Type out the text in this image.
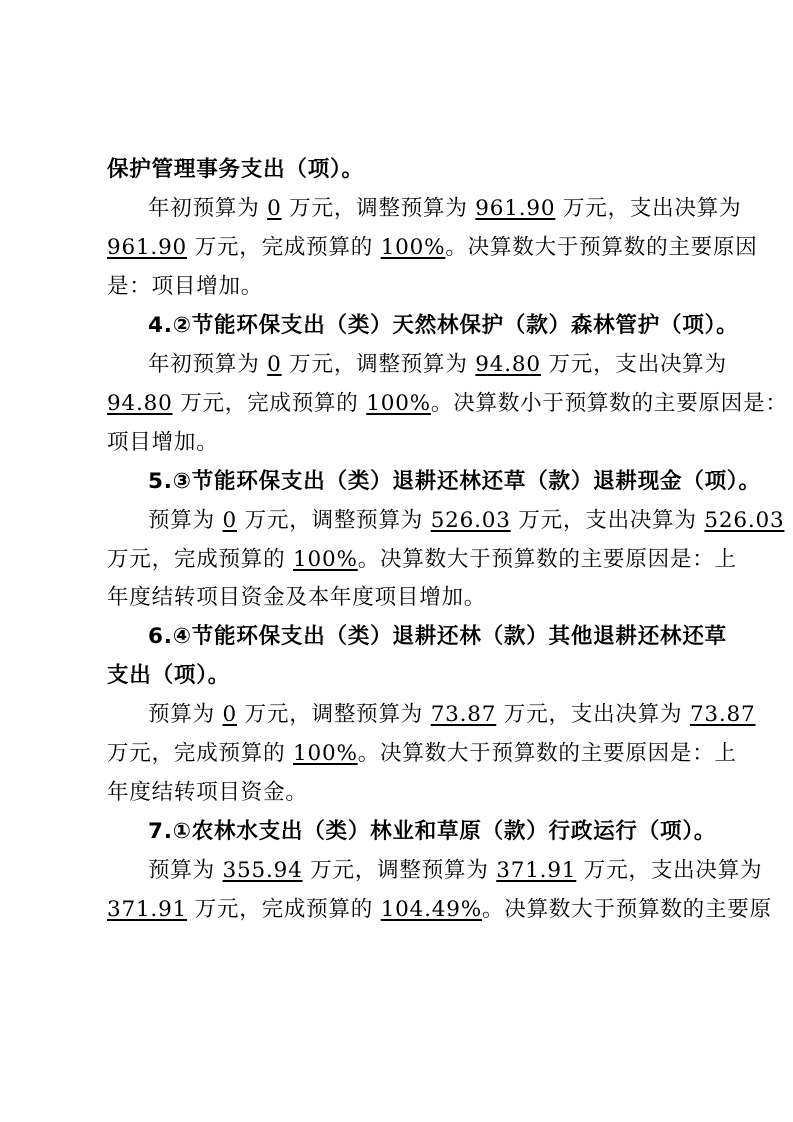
保护管理事务支出（项）。
年初预算为 0 万元，调整预算为 961.90 万元，支出决算为
961.90 万元，完成预算的 100%。决算数大于预算数的主要原因
是：项目增加。
4.②节能环保支出（类）天然林保护（款）森林管护（项）。
年初预算为 0 万元，调整预算为 94.80 万元，支出决算为
94.80 万元，完成预算的 100%。决算数小于预算数的主要原因是：
项目增加。
5.③节能环保支出（类）退耕还林还草（款）退耕现金（项）。
预算为 0 万元，调整预算为 526.03 万元，支出决算为 526.03
万元，完成预算的 100%。决算数大于预算数的主要原因是：上
年度结转项目资金及本年度项目增加。
6.④节能环保支出（类）退耕还林（款）其他退耕还林还草
支出（项）。
预算为 0 万元，调整预算为 73.87 万元，支出决算为 73.87
万元，完成预算的 100%。决算数大于预算数的主要原因是：上
年度结转项目资金。
7.①农林水支出（类）林业和草原（款）行政运行（项）。
预算为 355.94 万元，调整预算为 371.91 万元，支出决算为
371.91 万元，完成预算的 104.49%。决算数大于预算数的主要原
